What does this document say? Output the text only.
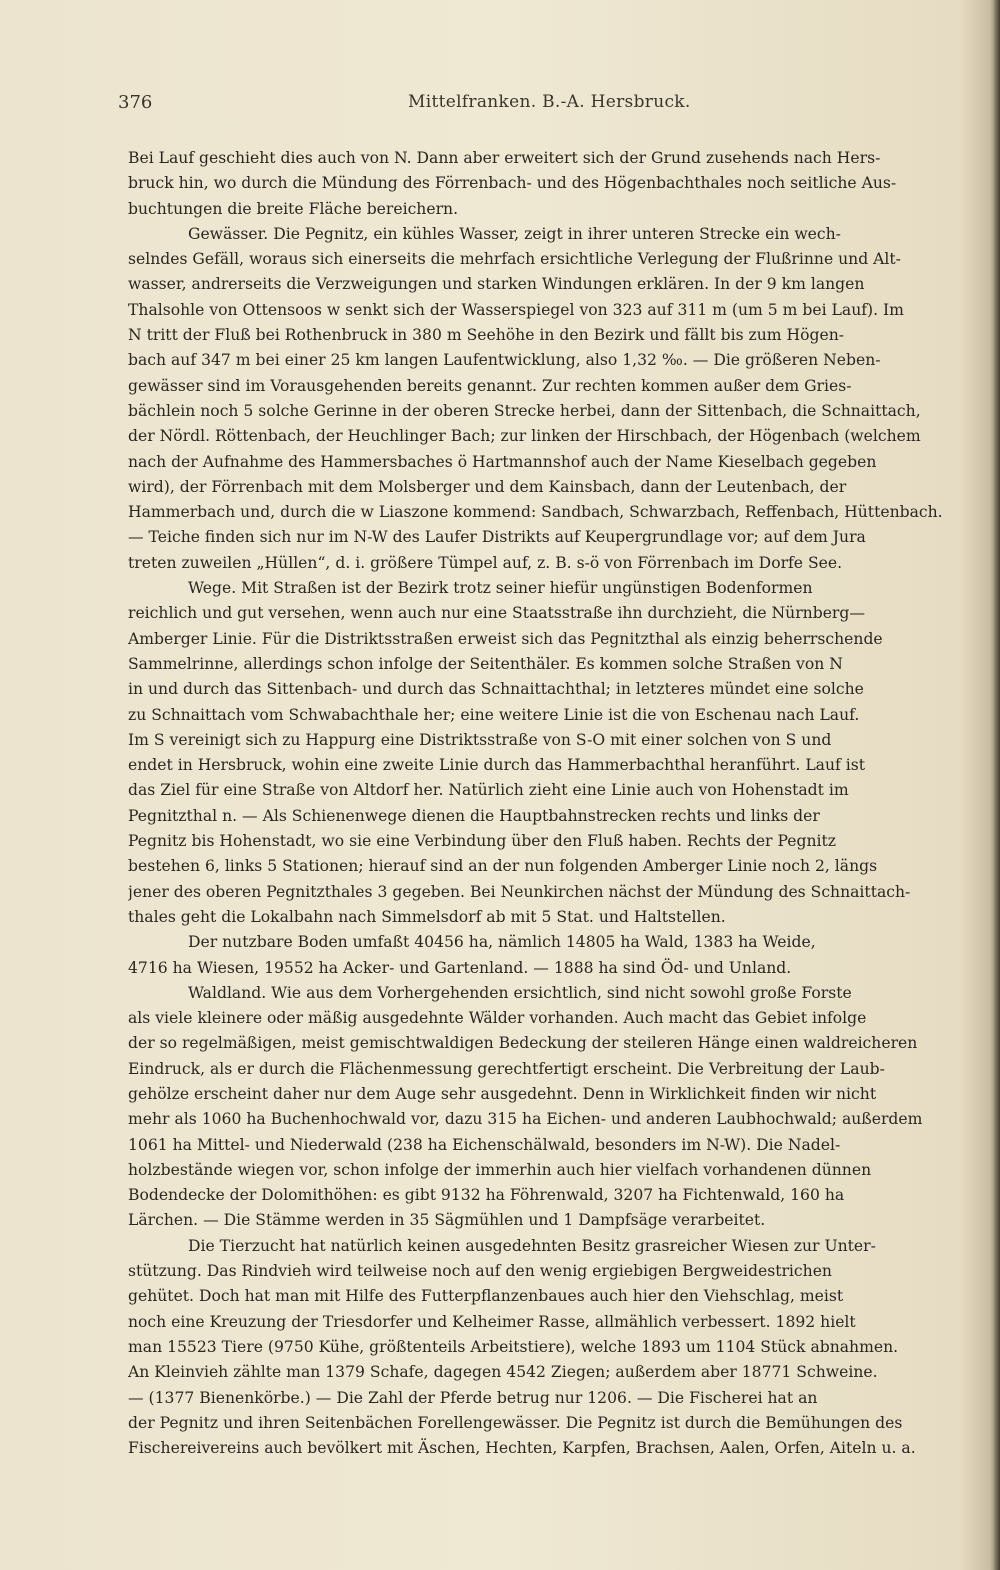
376	Mittelfranken. B.-A. Hersbruck.
Bei Lauf geschieht dies auch von N. Dann aber erweitert sich der Grund zusehends nach Hers-
bruck hin, wo durch die Mündung des Förrenbach- und des Högenbachthales noch seitliche Aus-
buchtungen die breite Fläche bereichern.
Gewässer. Die Pegnitz, ein kühles Wasser, zeigt in ihrer unteren Strecke ein wech-
selndes Gefäll, woraus sich einerseits die mehrfach ersichtliche Verlegung der Flußrinne und Alt-
wasser, andrerseits die Verzweigungen und starken Windungen erklären. In der 9 km langen
Thalsohle von Ottensoos w senkt sich der Wasserspiegel von 323 auf 311 m (um 5 m bei Lauf). Im
N tritt der Fluß bei Rothenbruck in 380 m Seehöhe in den Bezirk und fällt bis zum Högen-
bach auf 347 m bei einer 25 km langen Laufentwicklung, also 1,32 ‰. — Die größeren Neben-
gewässer sind im Vorausgehenden bereits genannt. Zur rechten kommen außer dem Gries-
bächlein noch 5 solche Gerinne in der oberen Strecke herbei, dann der Sittenbach, die Schnaittach,
der Nördl. Röttenbach, der Heuchlinger Bach; zur linken der Hirschbach, der Högenbach (welchem
nach der Aufnahme des Hammersbaches ö Hartmannshof auch der Name Kieselbach gegeben
wird), der Förrenbach mit dem Molsberger und dem Kainsbach, dann der Leutenbach, der
Hammerbach und, durch die w Liaszone kommend: Sandbach, Schwarzbach, Reffenbach, Hüttenbach.
— Teiche finden sich nur im N-W des Laufer Distrikts auf Keupergrundlage vor; auf dem Jura
treten zuweilen „Hüllen“, d. i. größere Tümpel auf, z. B. s-ö von Förrenbach im Dorfe See.
Wege. Mit Straßen ist der Bezirk trotz seiner hiefür ungünstigen Bodenformen
reichlich und gut versehen, wenn auch nur eine Staatsstraße ihn durchzieht, die Nürnberg—
Amberger Linie. Für die Distriktsstraßen erweist sich das Pegnitzthal als einzig beherrschende
Sammelrinne, allerdings schon infolge der Seitenthäler. Es kommen solche Straßen von N
in und durch das Sittenbach- und durch das Schnaittachthal; in letzteres mündet eine solche
zu Schnaittach vom Schwabachthale her; eine weitere Linie ist die von Eschenau nach Lauf.
Im S vereinigt sich zu Happurg eine Distriktsstraße von S-O mit einer solchen von S und
endet in Hersbruck, wohin eine zweite Linie durch das Hammerbachthal heranführt. Lauf ist
das Ziel für eine Straße von Altdorf her. Natürlich zieht eine Linie auch von Hohenstadt im
Pegnitzthal n. — Als Schienenwege dienen die Hauptbahnstrecken rechts und links der
Pegnitz bis Hohenstadt, wo sie eine Verbindung über den Fluß haben. Rechts der Pegnitz
bestehen 6, links 5 Stationen; hierauf sind an der nun folgenden Amberger Linie noch 2, längs
jener des oberen Pegnitzthales 3 gegeben. Bei Neunkirchen nächst der Mündung des Schnaittach-
thales geht die Lokalbahn nach Simmelsdorf ab mit 5 Stat. und Haltstellen.
Der nutzbare Boden umfaßt 40456 ha, nämlich 14805 ha Wald, 1383 ha Weide,
4716 ha Wiesen, 19552 ha Acker- und Gartenland. — 1888 ha sind Öd- und Unland.
Waldland. Wie aus dem Vorhergehenden ersichtlich, sind nicht sowohl große Forste
als viele kleinere oder mäßig ausgedehnte Wälder vorhanden. Auch macht das Gebiet infolge
der so regelmäßigen, meist gemischtwaldigen Bedeckung der steileren Hänge einen waldreicheren
Eindruck, als er durch die Flächenmessung gerechtfertigt erscheint. Die Verbreitung der Laub-
gehölze erscheint daher nur dem Auge sehr ausgedehnt. Denn in Wirklichkeit finden wir nicht
mehr als 1060 ha Buchenhochwald vor, dazu 315 ha Eichen- und anderen Laubhochwald; außerdem
1061 ha Mittel- und Niederwald (238 ha Eichenschälwald, besonders im N-W). Die Nadel-
holzbestände wiegen vor, schon infolge der immerhin auch hier vielfach vorhandenen dünnen
Bodendecke der Dolomithöhen: es gibt 9132 ha Föhrenwald, 3207 ha Fichtenwald, 160 ha
Lärchen. — Die Stämme werden in 35 Sägmühlen und 1 Dampfsäge verarbeitet.
Die Tierzucht hat natürlich keinen ausgedehnten Besitz grasreicher Wiesen zur Unter-
stützung. Das Rindvieh wird teilweise noch auf den wenig ergiebigen Bergweidestrichen
gehütet. Doch hat man mit Hilfe des Futterpflanzenbaues auch hier den Viehschlag, meist
noch eine Kreuzung der Triesdorfer und Kelheimer Rasse, allmählich verbessert. 1892 hielt
man 15523 Tiere (9750 Kühe, größtenteils Arbeitstiere), welche 1893 um 1104 Stück abnahmen.
An Kleinvieh zählte man 1379 Schafe, dagegen 4542 Ziegen; außerdem aber 18771 Schweine.
— (1377 Bienenkörbe.) — Die Zahl der Pferde betrug nur 1206. — Die Fischerei hat an
der Pegnitz und ihren Seitenbächen Forellengewässer. Die Pegnitz ist durch die Bemühungen des
Fischereivereins auch bevölkert mit Äschen, Hechten, Karpfen, Brachsen, Aalen, Orfen, Aiteln u. a.
